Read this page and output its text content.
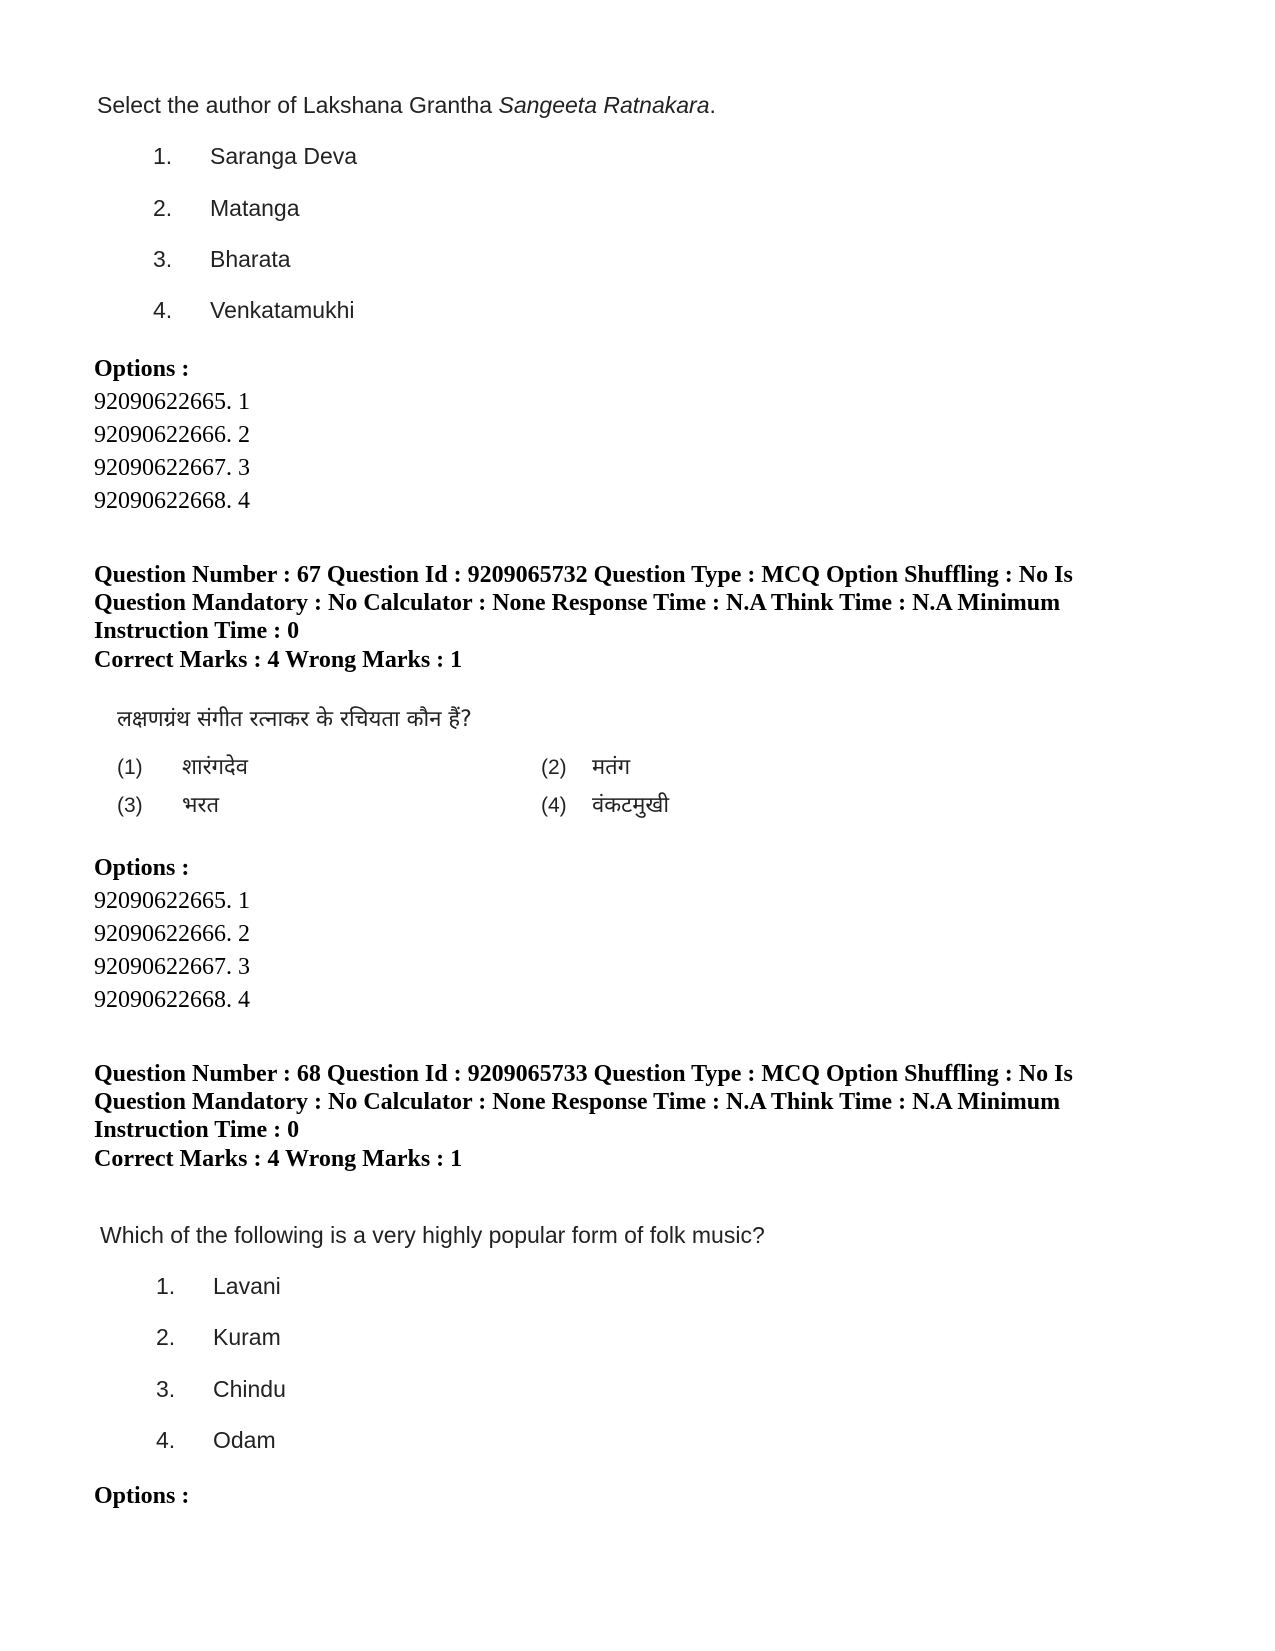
Select the author of Lakshana Grantha Sangeeta Ratnakara.
1. Saranga Deva
2. Matanga
3. Bharata
4. Venkatamukhi
Options :
92090622665. 1
92090622666. 2
92090622667. 3
92090622668. 4
Question Number : 67 Question Id : 9209065732 Question Type : MCQ Option Shuffling : No Is
Question Mandatory : No Calculator : None Response Time : N.A Think Time : N.A Minimum
Instruction Time : 0
Correct Marks : 4 Wrong Marks : 1
लक्षणग्रंथ संगीत रत्नाकर के रचियता कौन हैं?
(1) शारंगदेव	(2) मतंग
(3) भरत	(4) वंकटमुखी
Options :
92090622665. 1
92090622666. 2
92090622667. 3
92090622668. 4
Question Number : 68 Question Id : 9209065733 Question Type : MCQ Option Shuffling : No Is
Question Mandatory : No Calculator : None Response Time : N.A Think Time : N.A Minimum
Instruction Time : 0
Correct Marks : 4 Wrong Marks : 1
Which of the following is a very highly popular form of folk music?
1. Lavani
2. Kuram
3. Chindu
4. Odam
Options :
